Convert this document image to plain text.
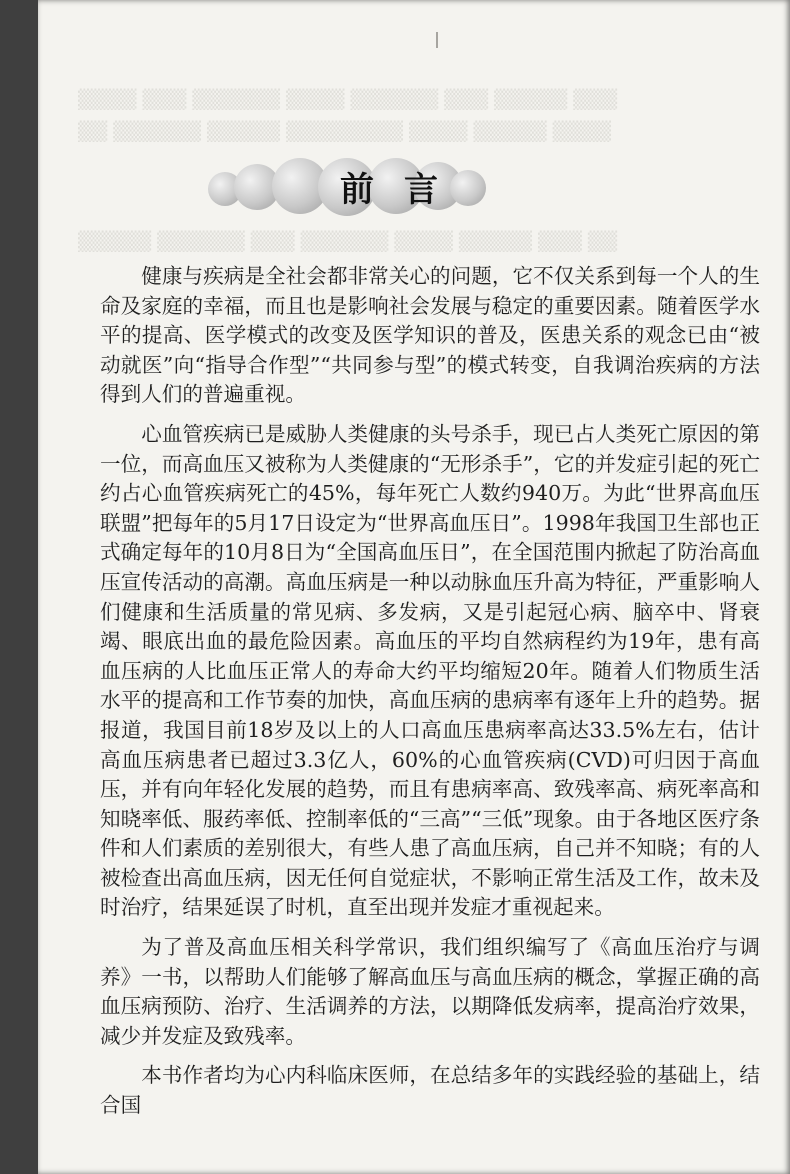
▒▒▒▒ ▒▒▒ ▒▒▒▒▒▒ ▒▒▒▒ ▒▒▒▒▒▒ ▒▒▒ ▒▒▒▒▒ ▒▒▒
▒▒ ▒▒▒▒▒▒ ▒▒▒▒▒ ▒▒▒▒▒▒▒▒ ▒▒▒▒ ▒▒▒▒▒ ▒▒▒▒
▒▒▒▒▒ ▒▒▒▒▒▒ ▒▒▒ ▒▒▒▒▒▒ ▒▒▒▒ ▒▒▒▒▒ ▒▒▒ ▒▒
前言

健康与疾病是全社会都非常关心的问题，它不仅关系到每一个人的生命及家庭的幸福，而且也是影响社会发展与稳定的重要因素。随着医学水平的提高、医学模式的改变及医学知识的普及，医患关系的观念已由“被动就医”向“指导合作型”“共同参与型”的模式转变，自我调治疾病的方法得到人们的普遍重视。

心血管疾病已是威胁人类健康的头号杀手，现已占人类死亡原因的第一位，而高血压又被称为人类健康的“无形杀手”，它的并发症引起的死亡约占心血管疾病死亡的45%，每年死亡人数约940万。为此“世界高血压联盟”把每年的5月17日设定为“世界高血压日”。1998年我国卫生部也正式确定每年的10月8日为“全国高血压日”，在全国范围内掀起了防治高血压宣传活动的高潮。高血压病是一种以动脉血压升高为特征，严重影响人们健康和生活质量的常见病、多发病，又是引起冠心病、脑卒中、肾衰竭、眼底出血的最危险因素。高血压的平均自然病程约为19年，患有高血压病的人比血压正常人的寿命大约平均缩短20年。随着人们物质生活水平的提高和工作节奏的加快，高血压病的患病率有逐年上升的趋势。据报道，我国目前18岁及以上的人口高血压患病率高达33.5%左右，估计高血压病患者已超过3.3亿人，60%的心血管疾病(CVD)可归因于高血压，并有向年轻化发展的趋势，而且有患病率高、致残率高、病死率高和知晓率低、服药率低、控制率低的“三高”“三低”现象。由于各地区医疗条件和人们素质的差别很大，有些人患了高血压病，自己并不知晓；有的人被检查出高血压病，因无任何自觉症状，不影响正常生活及工作，故未及时治疗，结果延误了时机，直至出现并发症才重视起来。

为了普及高血压相关科学常识，我们组织编写了《高血压治疗与调养》一书，以帮助人们能够了解高血压与高血压病的概念，掌握正确的高血压病预防、治疗、生活调养的方法，以期降低发病率，提高治疗效果，减少并发症及致残率。

本书作者均为心内科临床医师，在总结多年的实践经验的基础上，结合国
